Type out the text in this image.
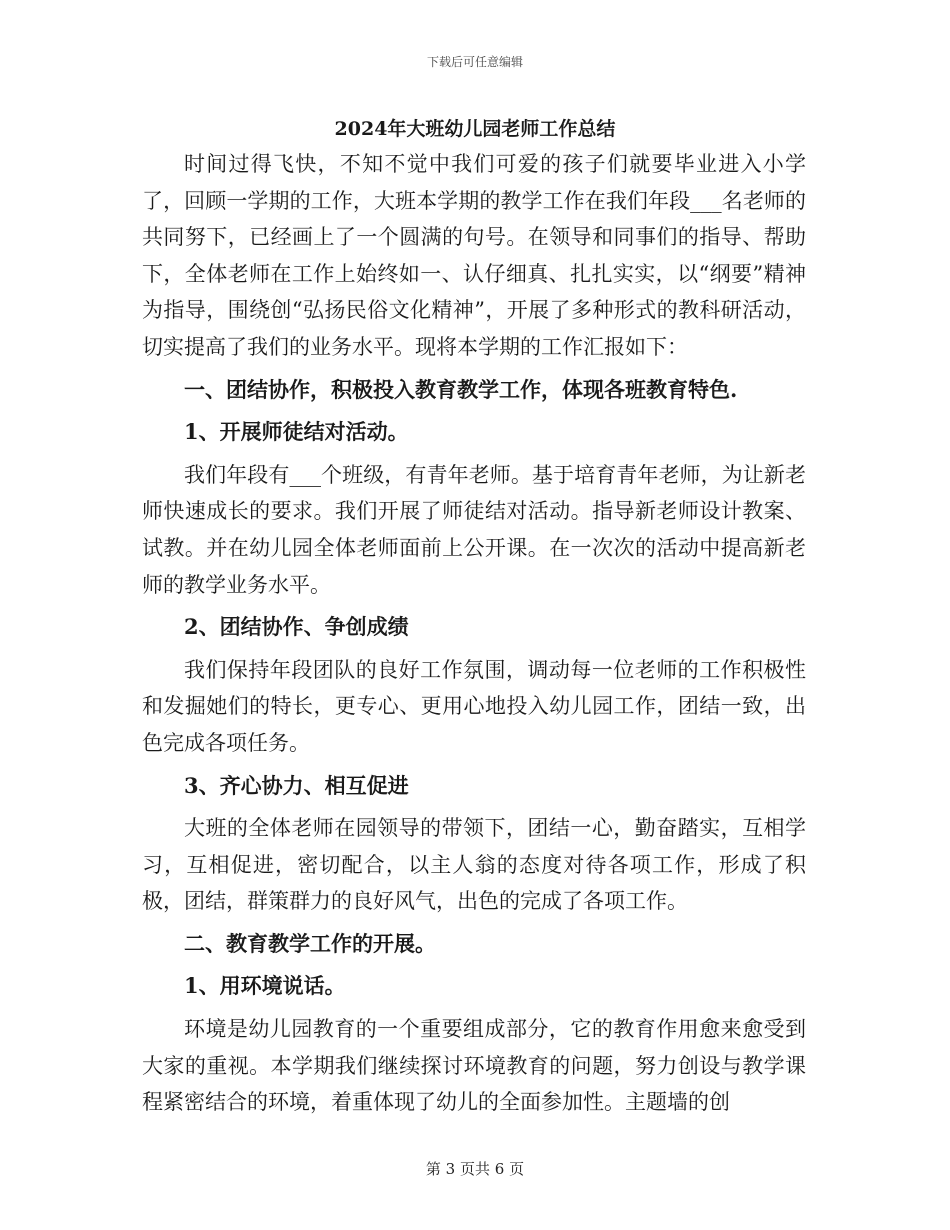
下载后可任意编辑
2024年大班幼儿园老师工作总结

时间过得飞快，不知不觉中我们可爱的孩子们就要毕业进入小学了，回顾一学期的工作，大班本学期的教学工作在我们年段___名老师的共同努下，已经画上了一个圆满的句号。在领导和同事们的指导、帮助下，全体老师在工作上始终如一、认仔细真、扎扎实实，以“纲要”精神为指导，围绕创“弘扬民俗文化精神”，开展了多种形式的教科研活动，切实提高了我们的业务水平。现将本学期的工作汇报如下：

一、团结协作，积极投入教育教学工作，体现各班教育特色.

1、开展师徒结对活动。

我们年段有___个班级，有青年老师。基于培育青年老师，为让新老师快速成长的要求。我们开展了师徒结对活动。指导新老师设计教案、试教。并在幼儿园全体老师面前上公开课。在一次次的活动中提高新老师的教学业务水平。

2、团结协作、争创成绩

我们保持年段团队的良好工作氛围，调动每一位老师的工作积极性和发掘她们的特长，更专心、更用心地投入幼儿园工作，团结一致，出色完成各项任务。

3、齐心协力、相互促进

大班的全体老师在园领导的带领下，团结一心，勤奋踏实，互相学习，互相促进，密切配合，以主人翁的态度对待各项工作，形成了积极，团结，群策群力的良好风气，出色的完成了各项工作。

二、教育教学工作的开展。

1、用环境说话。

环境是幼儿园教育的一个重要组成部分，它的教育作用愈来愈受到大家的重视。本学期我们继续探讨环境教育的问题，努力创设与教学课程紧密结合的环境，着重体现了幼儿的全面参加性。主题墙的创

第 3 页共 6 页
